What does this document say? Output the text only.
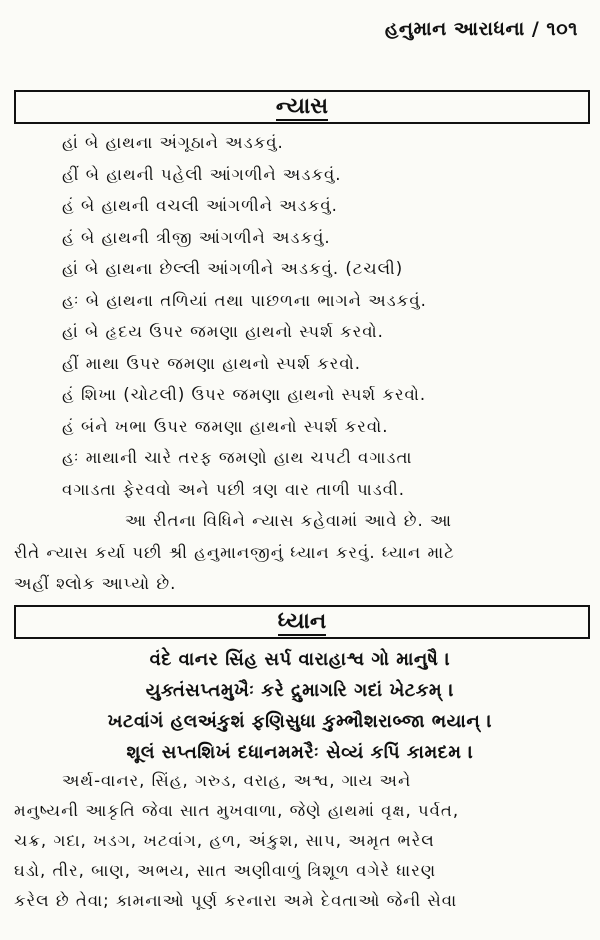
હનુમાન આરાધના / ૧૦૧
ન્યાસ
હાં બે હાથના અંગૂઠાને અડકવું.
હીં બે હાથની પહેલી આંગળીને અડકવું.
હં બે હાથની વચલી આંગળીને અડકવું.
હં બે હાથની ત્રીજી આંગળીને અડકવું.
હાં બે હાથના છેલ્લી આંગળીને અડકવું. (ટચલી)
હઃ બે હાથના તળિયાં તથા પાછળના ભાગને અડકવું.
હાં બે હૃદય ઉપર જમણા હાથનો સ્પર્શ કરવો.
હીં માથા ઉપર જમણા હાથનો સ્પર્શ કરવો.
હં શિખા (ચોટલી) ઉપર જમણા હાથનો સ્પર્શ કરવો.
હં બંને ખભા ઉપર જમણા હાથનો સ્પર્શ કરવો.
હઃ માથાની ચારે તરફ જમણો હાથ ચપટી વગાડતા
વગાડતા ફેરવવો અને પછી ત્રણ વાર તાળી પાડવી.
આ રીતના વિધિને ન્યાસ કહેવામાં આવે છે. આ
રીતે ન્યાસ કર્યા પછી શ્રી હનુમાનજીનું ધ્યાન કરવું. ધ્યાન માટે
અહીં શ્લોક આપ્યો છે.
ધ્યાન
વંદે વાનર સિંહ સર્પ વારાહાશ્વ ગો માનુષૈ ।
યુક્તંસપ્તમુખૈઃ કરે દ્રુમાગરિ ગદાં ખેટકમ્ ।
ખટવાંગં હલઅંકુશં ફણિસુધા કુમ્ભૌશરાબ્જા ભયાન્ ।
શૂલં સપ્તશિખં દધાનમમરૈઃ સેવ્યં કપિં કામદમ ।
અર્થ-વાનર, સિંહ, ગરુડ, વરાહ, અશ્વ, ગાય અને
મનુષ્યની આકૃતિ જેવા સાત મુખવાળા, જેણે હાથમાં વૃક્ષ, પર્વત,
ચક્ર, ગદા, ખડગ, ખટવાંગ, હળ, અંકુશ, સાપ, અમૃત ભરેલ
ઘડો, તીર, બાણ, અભય, સાત અણીવાળું ત્રિશૂળ વગેરે ધારણ
કરેલ છે તેવા; કામનાઓ પૂર્ણ કરનારા અમે દેવતાઓ જેની સેવા
